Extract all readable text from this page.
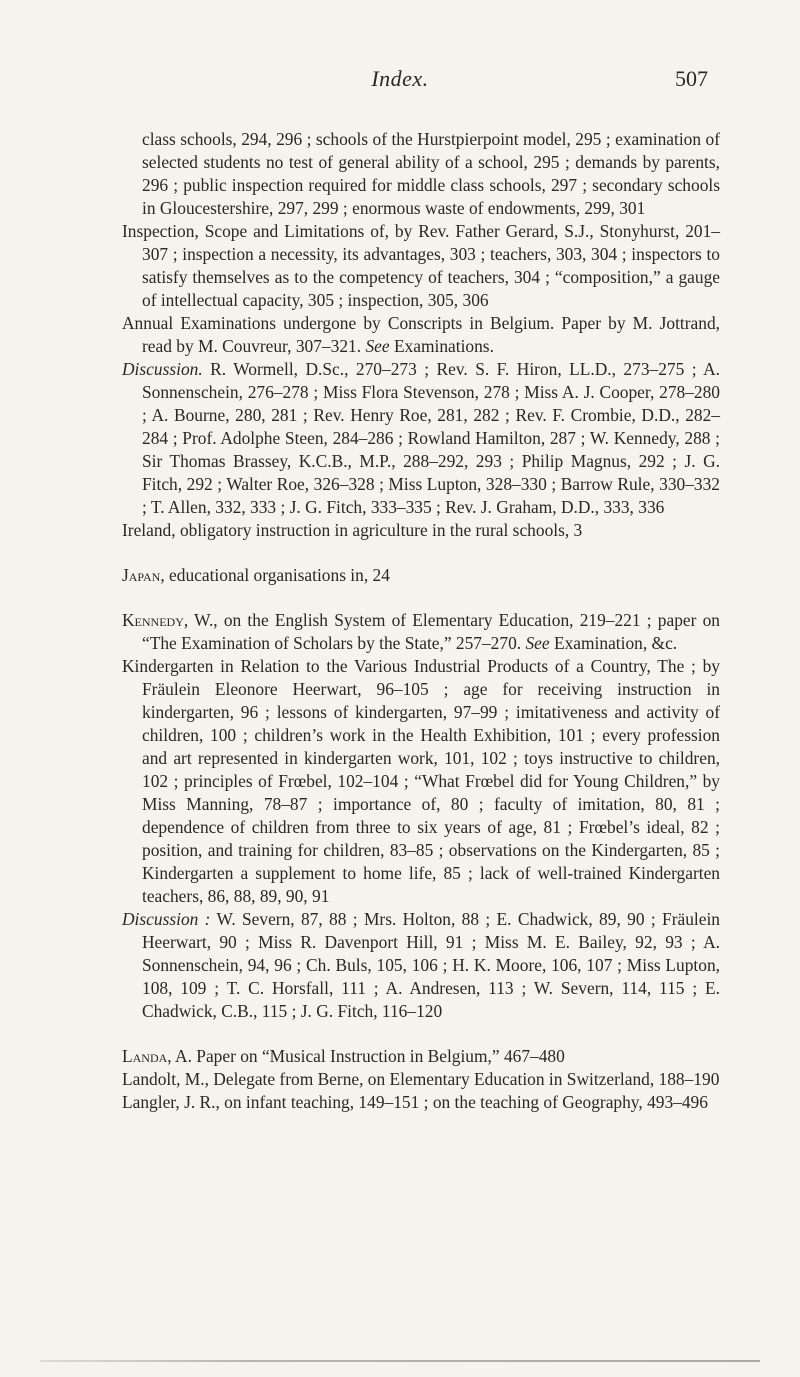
Index.	507

class schools, 294, 296 ; schools of the Hurstpierpoint model, 295 ; examination of selected students no test of general ability of a school, 295 ; demands by parents, 296 ; public inspection required for middle class schools, 297 ; secondary schools in Gloucestershire, 297, 299 ; enormous waste of endowments, 299, 301

Inspection, Scope and Limitations of, by Rev. Father Gerard, S.J., Stonyhurst, 201–307 ; inspection a necessity, its advantages, 303 ; teachers, 303, 304 ; inspectors to satisfy themselves as to the competency of teachers, 304 ; “composition,” a gauge of intellectual capacity, 305 ; inspection, 305, 306

Annual Examinations undergone by Conscripts in Belgium. Paper by M. Jottrand, read by M. Couvreur, 307–321. See Examinations.

Discussion. R. Wormell, D.Sc., 270–273 ; Rev. S. F. Hiron, LL.D., 273–275 ; A. Sonnenschein, 276–278 ; Miss Flora Stevenson, 278 ; Miss A. J. Cooper, 278–280 ; A. Bourne, 280, 281 ; Rev. Henry Roe, 281, 282 ; Rev. F. Crombie, D.D., 282–284 ; Prof. Adolphe Steen, 284–286 ; Rowland Hamilton, 287 ; W. Kennedy, 288 ; Sir Thomas Brassey, K.C.B., M.P., 288–292, 293 ; Philip Magnus, 292 ; J. G. Fitch, 292 ; Walter Roe, 326–328 ; Miss Lupton, 328–330 ; Barrow Rule, 330–332 ; T. Allen, 332, 333 ; J. G. Fitch, 333–335 ; Rev. J. Graham, D.D., 333, 336

Ireland, obligatory instruction in agriculture in the rural schools, 3

Japan, educational organisations in, 24

Kennedy, W., on the English System of Elementary Education, 219–221 ; paper on “The Examination of Scholars by the State,” 257–270. See Examination, &c.

Kindergarten in Relation to the Various Industrial Products of a Country, The ; by Fräulein Eleonore Heerwart, 96–105 ; age for receiving instruction in kindergarten, 96 ; lessons of kindergarten, 97–99 ; imitativeness and activity of children, 100 ; children’s work in the Health Exhibition, 101 ; every profession and art represented in kindergarten work, 101, 102 ; toys instructive to children, 102 ; principles of Frœbel, 102–104 ; “What Frœbel did for Young Children,” by Miss Manning, 78–87 ; importance of, 80 ; faculty of imitation, 80, 81 ; dependence of children from three to six years of age, 81 ; Frœbel’s ideal, 82 ; position, and training for children, 83–85 ; observations on the Kindergarten, 85 ; Kindergarten a supplement to home life, 85 ; lack of well-trained Kindergarten teachers, 86, 88, 89, 90, 91

Discussion : W. Severn, 87, 88 ; Mrs. Holton, 88 ; E. Chadwick, 89, 90 ; Fräulein Heerwart, 90 ; Miss R. Davenport Hill, 91 ; Miss M. E. Bailey, 92, 93 ; A. Sonnenschein, 94, 96 ; Ch. Buls, 105, 106 ; H. K. Moore, 106, 107 ; Miss Lupton, 108, 109 ; T. C. Horsfall, 111 ; A. Andresen, 113 ; W. Severn, 114, 115 ; E. Chadwick, C.B., 115 ; J. G. Fitch, 116–120

Landa, A. Paper on “Musical Instruction in Belgium,” 467–480

Landolt, M., Delegate from Berne, on Elementary Education in Switzerland, 188–190

Langler, J. R., on infant teaching, 149–151 ; on the teaching of Geography, 493–496
